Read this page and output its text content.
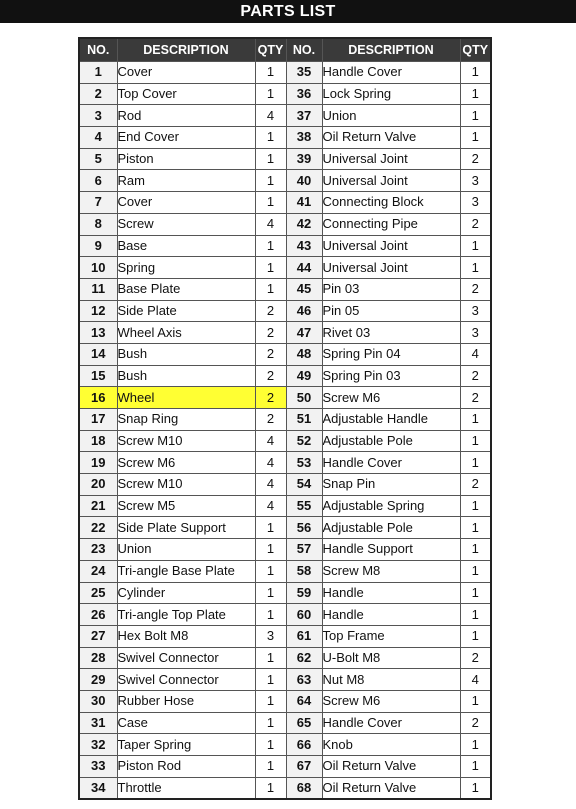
PARTS LIST
NO.	DESCRIPTION	QTY	NO.	DESCRIPTION	QTY
1	Cover	1	35	Handle Cover	1
2	Top Cover	1	36	Lock Spring	1
3	Rod	4	37	Union	1
4	End Cover	1	38	Oil Return Valve	1
5	Piston	1	39	Universal Joint	2
6	Ram	1	40	Universal Joint	3
7	Cover	1	41	Connecting Block	3
8	Screw	4	42	Connecting Pipe	2
9	Base	1	43	Universal Joint	1
10	Spring	1	44	Universal Joint	1
11	Base Plate	1	45	Pin 03	2
12	Side Plate	2	46	Pin 05	3
13	Wheel Axis	2	47	Rivet 03	3
14	Bush	2	48	Spring Pin 04	4
15	Bush	2	49	Spring Pin 03	2
16	Wheel	2	50	Screw M6	2
17	Snap Ring	2	51	Adjustable Handle	1
18	Screw M10	4	52	Adjustable Pole	1
19	Screw M6	4	53	Handle Cover	1
20	Screw M10	4	54	Snap Pin	2
21	Screw M5	4	55	Adjustable Spring	1
22	Side Plate Support	1	56	Adjustable Pole	1
23	Union	1	57	Handle Support	1
24	Tri-angle Base Plate	1	58	Screw M8	1
25	Cylinder	1	59	Handle	1
26	Tri-angle Top Plate	1	60	Handle	1
27	Hex Bolt M8	3	61	Top Frame	1
28	Swivel Connector	1	62	U-Bolt M8	2
29	Swivel Connector	1	63	Nut M8	4
30	Rubber Hose	1	64	Screw M6	1
31	Case	1	65	Handle Cover	2
32	Taper Spring	1	66	Knob	1
33	Piston Rod	1	67	Oil Return Valve	1
34	Throttle	1	68	Oil Return Valve	1
